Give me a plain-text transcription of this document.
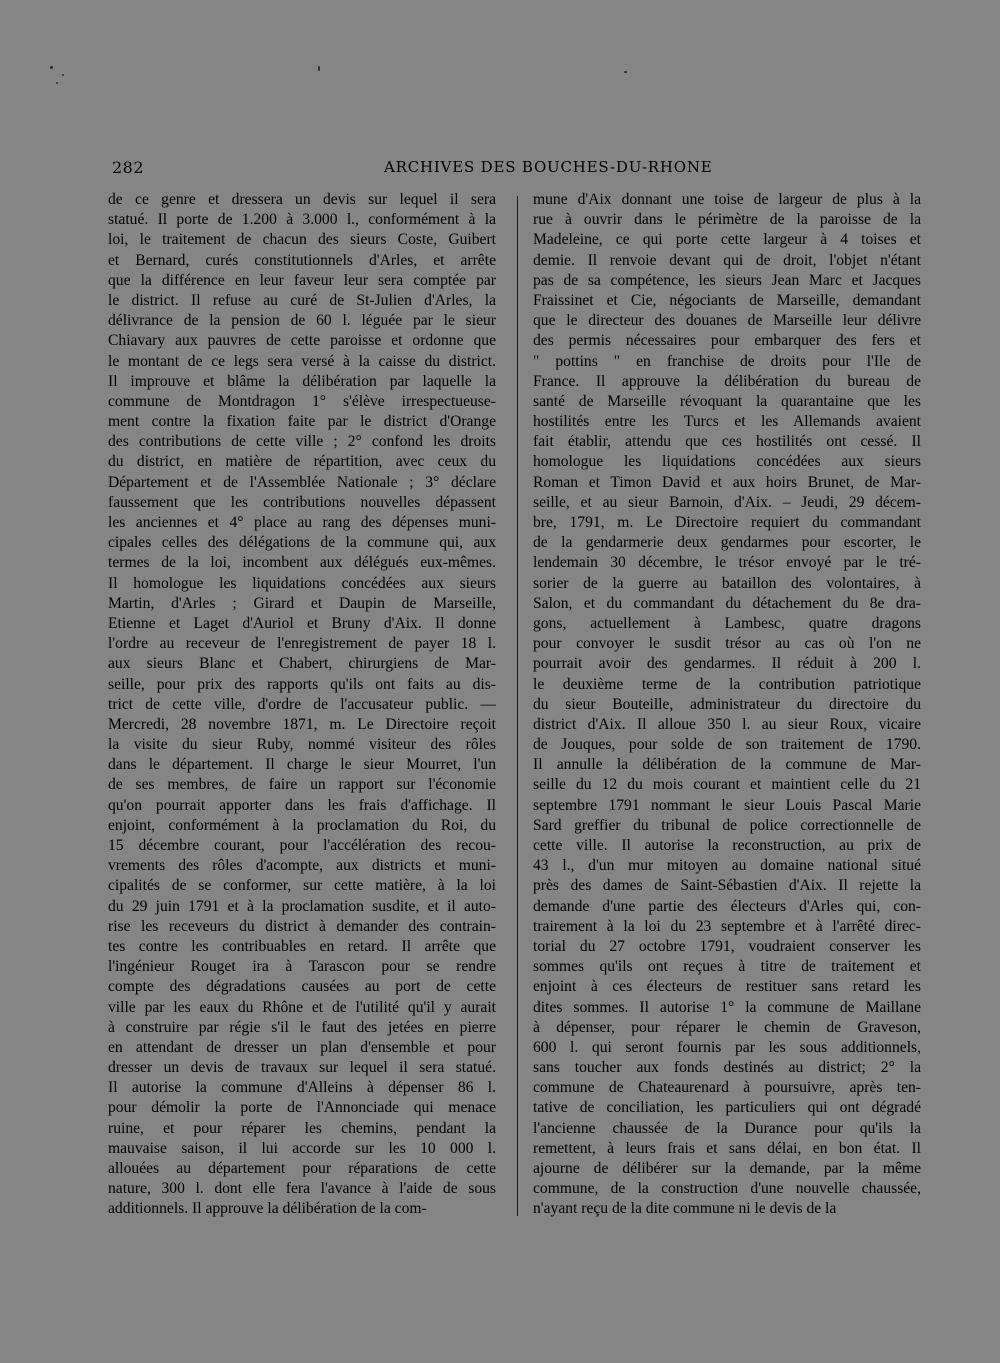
282	ARCHIVES DES BOUCHES-DU-RHONE
de ce genre et dressera un devis sur lequel il sera
statué. Il porte de 1.200 à 3.000 l., conformément à la
loi, le traitement de chacun des sieurs Coste, Guibert
et Bernard, curés constitutionnels d'Arles, et arrête
que la différence en leur faveur leur sera comptée par
le district. Il refuse au curé de St-Julien d'Arles, la
délivrance de la pension de 60 l. léguée par le sieur
Chiavary aux pauvres de cette paroisse et ordonne que
le montant de ce legs sera versé à la caisse du district.
Il improuve et blâme la délibération par laquelle la
commune de Montdragon 1° s'élève irrespectueuse-
ment contre la fixation faite par le district d'Orange
des contributions de cette ville ; 2° confond les droits
du district, en matière de répartition, avec ceux du
Département et de l'Assemblée Nationale ; 3° déclare
faussement que les contributions nouvelles dépassent
les anciennes et 4° place au rang des dépenses muni-
cipales celles des délégations de la commune qui, aux
termes de la loi, incombent aux délégués eux-mêmes.
Il homologue les liquidations concédées aux sieurs
Martin, d'Arles ; Girard et Daupin de Marseille,
Etienne et Laget d'Auriol et Bruny d'Aix. Il donne
l'ordre au receveur de l'enregistrement de payer 18 l.
aux sieurs Blanc et Chabert, chirurgiens de Mar-
seille, pour prix des rapports qu'ils ont faits au dis-
trict de cette ville, d'ordre de l'accusateur public. —
Mercredi, 28 novembre 1871, m. Le Directoire reçoit
la visite du sieur Ruby, nommé visiteur des rôles
dans le département. Il charge le sieur Mourret, l'un
de ses membres, de faire un rapport sur l'économie
qu'on pourrait apporter dans les frais d'affichage. Il
enjoint, conformément à la proclamation du Roi, du
15 décembre courant, pour l'accélération des recou-
vrements des rôles d'acompte, aux districts et muni-
cipalités de se conformer, sur cette matière, à la loi
du 29 juin 1791 et à la proclamation susdite, et il auto-
rise les receveurs du district à demander des contrain-
tes contre les contribuables en retard. Il arrête que
l'ingénieur Rouget ira à Tarascon pour se rendre
compte des dégradations causées au port de cette
ville par les eaux du Rhône et de l'utilité qu'il y aurait
à construire par régie s'il le faut des jetées en pierre
en attendant de dresser un plan d'ensemble et pour
dresser un devis de travaux sur lequel il sera statué.
Il autorise la commune d'Alleins à dépenser 86 l.
pour démolir la porte de l'Annonciade qui menace
ruine, et pour réparer les chemins, pendant la
mauvaise saison, il lui accorde sur les 10 000 l.
allouées au département pour réparations de cette
nature, 300 l. dont elle fera l'avance à l'aide de sous
additionnels. Il approuve la délibération de la com-
mune d'Aix donnant une toise de largeur de plus à la
rue à ouvrir dans le périmètre de la paroisse de la
Madeleine, ce qui porte cette largeur à 4 toises et
demie. Il renvoie devant qui de droit, l'objet n'étant
pas de sa compétence, les sieurs Jean Marc et Jacques
Fraissinet et Cie, négociants de Marseille, demandant
que le directeur des douanes de Marseille leur délivre
des permis nécessaires pour embarquer des fers et
" pottins " en franchise de droits pour l'Ile de
France. Il approuve la délibération du bureau de
santé de Marseille révoquant la quarantaine que les
hostilités entre les Turcs et les Allemands avaient
fait établir, attendu que ces hostilités ont cessé. Il
homologue les liquidations concédées aux sieurs
Roman et Timon David et aux hoirs Brunet, de Mar-
seille, et au sieur Barnoin, d'Aix. – Jeudi, 29 décem-
bre, 1791, m. Le Directoire requiert du commandant
de la gendarmerie deux gendarmes pour escorter, le
lendemain 30 décembre, le trésor envoyé par le tré-
sorier de la guerre au bataillon des volontaires, à
Salon, et du commandant du détachement du 8e dra-
gons, actuellement à Lambesc, quatre dragons
pour convoyer le susdit trésor au cas où l'on ne
pourrait avoir des gendarmes. Il réduit à 200 l.
le deuxième terme de la contribution patriotique
du sieur Bouteille, administrateur du directoire du
district d'Aix. Il alloue 350 l. au sieur Roux, vicaire
de Jouques, pour solde de son traitement de 1790.
Il annulle la délibération de la commune de Mar-
seille du 12 du mois courant et maintient celle du 21
septembre 1791 nommant le sieur Louis Pascal Marie
Sard greffier du tribunal de police correctionnelle de
cette ville. Il autorise la reconstruction, au prix de
43 l., d'un mur mitoyen au domaine national situé
près des dames de Saint-Sébastien d'Aix. Il rejette la
demande d'une partie des électeurs d'Arles qui, con-
trairement à la loi du 23 septembre et à l'arrêté direc-
torial du 27 octobre 1791, voudraient conserver les
sommes qu'ils ont reçues à titre de traitement et
enjoint à ces électeurs de restituer sans retard les
dites sommes. Il autorise 1° la commune de Maillane
à dépenser, pour réparer le chemin de Graveson,
600 l. qui seront fournis par les sous additionnels,
sans toucher aux fonds destinés au district; 2° la
commune de Chateaurenard à poursuivre, après ten-
tative de conciliation, les particuliers qui ont dégradé
l'ancienne chaussée de la Durance pour qu'ils la
remettent, à leurs frais et sans délai, en bon état. Il
ajourne de délibérer sur la demande, par la même
commune, de la construction d'une nouvelle chaussée,
n'ayant reçu de la dite commune ni le devis de la
